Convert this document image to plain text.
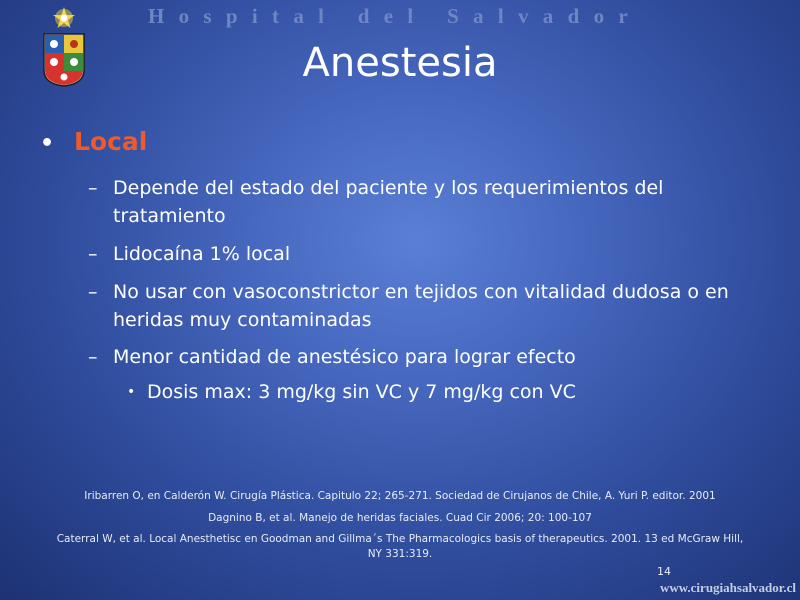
Hospital del Salvador
Anestesia
• Local
– Depende del estado del paciente y los requerimientos del tratamiento
– Lidocaína 1% local
– No usar con vasoconstrictor en tejidos con vitalidad dudosa o en heridas muy contaminadas
– Menor cantidad de anestésico para lograr efecto
• Dosis max: 3 mg/kg sin VC y 7 mg/kg con VC
Iribarren O, en Calderón W. Cirugía Plástica. Capitulo 22; 265-271. Sociedad de Cirujanos de Chile, A. Yuri P. editor. 2001
Dagnino B, et al. Manejo de heridas faciales. Cuad Cir 2006; 20: 100-107
Caterral W, et al. Local Anesthetisc en Goodman and Gillma´s The Pharmacologics basis of therapeutics. 2001. 13 ed McGraw Hill, NY 331:319.
14
www.cirugiahsalvador.cl
